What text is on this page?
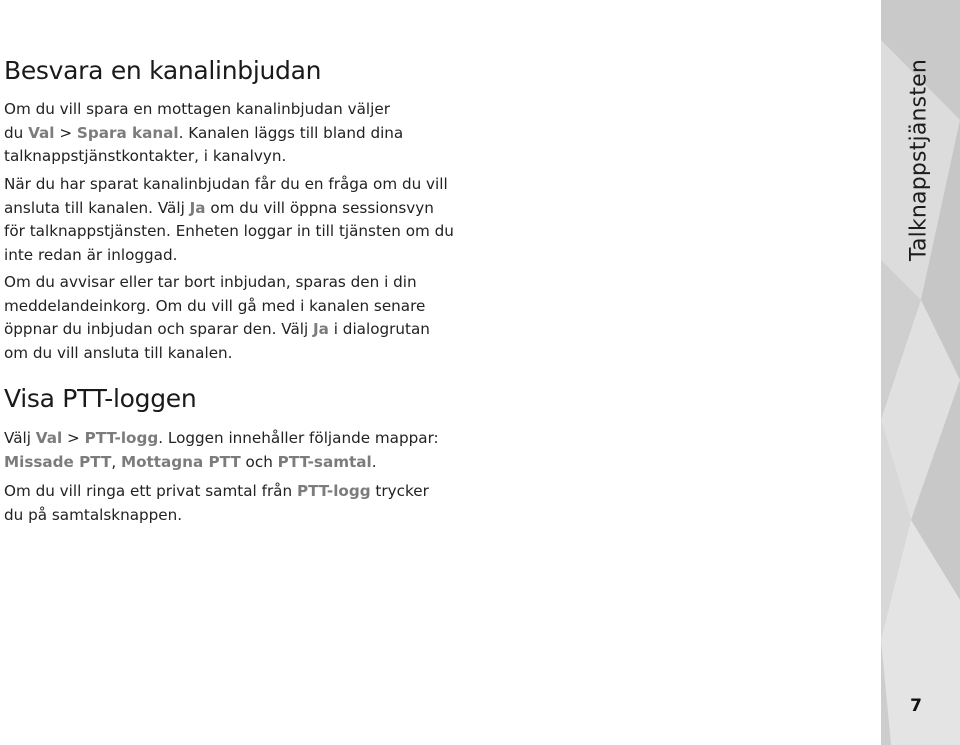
Besvara en kanalinbjudan

Om du vill spara en mottagen kanalinbjudan väljer
du Val > Spara kanal. Kanalen läggs till bland dina
talknappstjänstkontakter, i kanalvyn.

När du har sparat kanalinbjudan får du en fråga om du vill
ansluta till kanalen. Välj Ja om du vill öppna sessionsvyn
för talknappstjänsten. Enheten loggar in till tjänsten om du
inte redan är inloggad.

Om du avvisar eller tar bort inbjudan, sparas den i din
meddelandeinkorg. Om du vill gå med i kanalen senare
öppnar du inbjudan och sparar den. Välj Ja i dialogrutan
om du vill ansluta till kanalen.

Visa PTT-loggen

Välj Val > PTT-logg. Loggen innehåller följande mappar:
Missade PTT, Mottagna PTT och PTT-samtal.

Om du vill ringa ett privat samtal från PTT-logg trycker
du på samtalsknappen.

Talknappstjänsten
7
